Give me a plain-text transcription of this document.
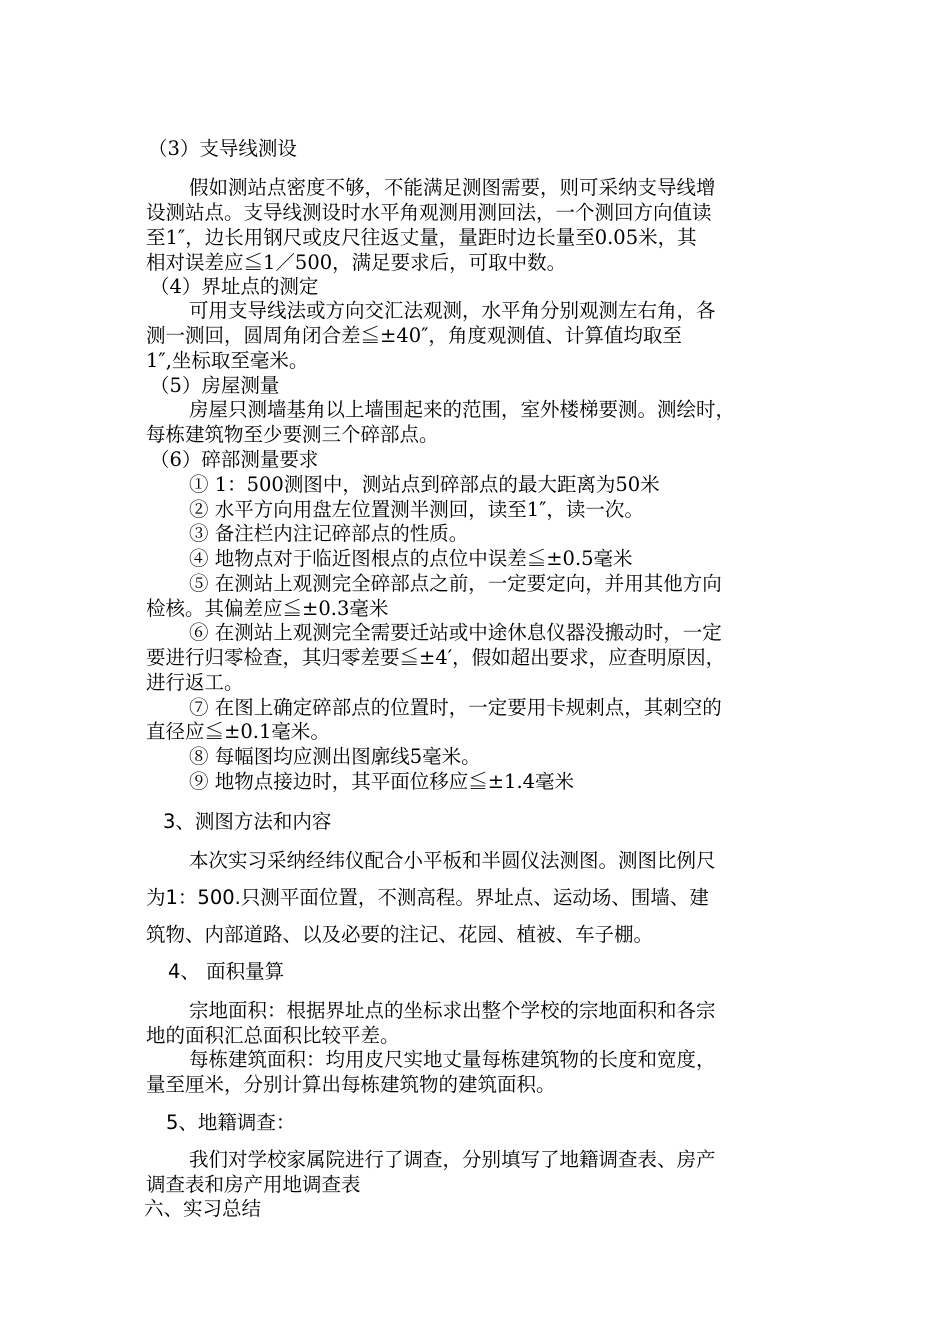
（3）支导线测设
假如测站点密度不够，不能满足测图需要，则可采纳支导线增
设测站点。支导线测设时水平角观测用测回法，一个测回方向值读
至1″，边长用钢尺或皮尺往返丈量，量距时边长量至0.05米，其
相对误差应≦1／500，满足要求后，可取中数。
（4）界址点的测定
可用支导线法或方向交汇法观测，水平角分别观测左右角，各
测一测回，圆周角闭合差≦±40″，角度观测值、计算值均取至
1″,坐标取至毫米。
（5）房屋测量
房屋只测墙基角以上墙围起来的范围，室外楼梯要测。测绘时，
每栋建筑物至少要测三个碎部点。
（6）碎部测量要求
① 1：500测图中，测站点到碎部点的最大距离为50米
② 水平方向用盘左位置测半测回，读至1″，读一次。
③ 备注栏内注记碎部点的性质。
④ 地物点对于临近图根点的点位中误差≦±0.5毫米
⑤ 在测站上观测完全碎部点之前，一定要定向，并用其他方向
检核。其偏差应≦±0.3毫米
⑥ 在测站上观测完全需要迁站或中途休息仪器没搬动时，一定
要进行归零检查，其归零差要≦±4′，假如超出要求，应查明原因，
进行返工。
⑦ 在图上确定碎部点的位置时，一定要用卡规刺点，其刺空的
直径应≦±0.1毫米。
⑧ 每幅图均应测出图廓线5毫米。
⑨ 地物点接边时，其平面位移应≦±1.4毫米
3、测图方法和内容
本次实习采纳经纬仪配合小平板和半圆仪法测图。测图比例尺
为1：500.只测平面位置，不测高程。界址点、运动场、围墙、建
筑物、内部道路、以及必要的注记、花园、植被、车子棚。
4、 面积量算
宗地面积：根据界址点的坐标求出整个学校的宗地面积和各宗
地的面积汇总面积比较平差。
每栋建筑面积：均用皮尺实地丈量每栋建筑物的长度和宽度，
量至厘米，分别计算出每栋建筑物的建筑面积。
5、地籍调查：
我们对学校家属院进行了调查，分别填写了地籍调查表、房产
调查表和房产用地调查表
六、实习总结
